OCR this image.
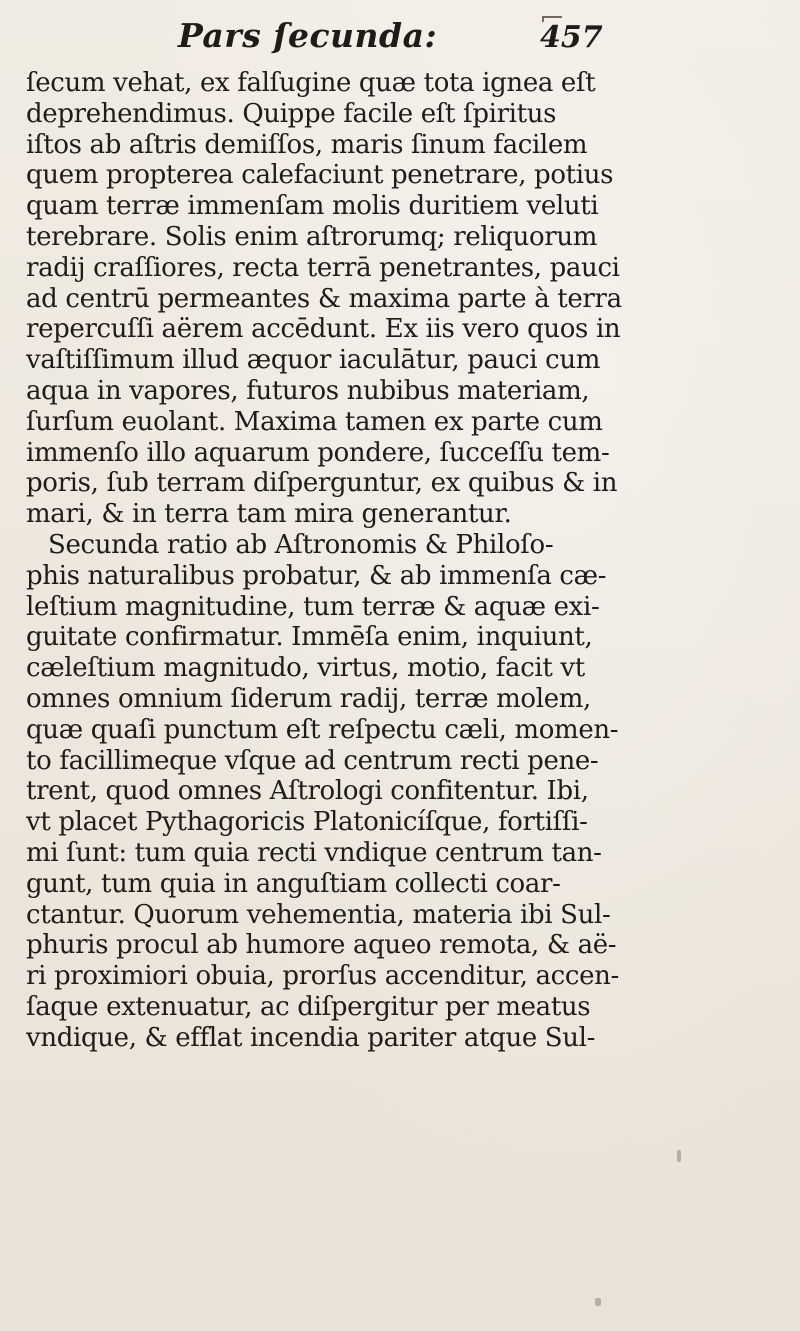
Pars ſecunda:	457
ſecum vehat, ex falſugine quæ tota ignea eſt
deprehendimus. Quippe facile eſt ſpiritus
iſtos ab aſtris demiſſos, maris ſinum facilem
quem propterea calefaciunt penetrare, potius
quam terræ immenſam molis duritiem veluti
terebrare. Solis enim aſtrorumq; reliquorum
radij craſſiores, recta terrā penetrantes, pauci
ad centrū permeantes & maxima parte à terra
repercuſſi aërem accēdunt. Ex iis vero quos in
vaſtiſſimum illud æquor iaculātur, pauci cum
aqua in vapores, futuros nubibus materiam,
ſurſum euolant. Maxima tamen ex parte cum
immenſo illo aquarum pondere, ſucceſſu tem-
poris, ſub terram diſperguntur, ex quibus & in
mari, & in terra tam mira generantur.
Secunda ratio ab Aſtronomis & Philoſo-
phis naturalibus probatur, & ab immenſa cæ-
leſtium magnitudine, tum terræ & aquæ exi-
guitate confirmatur. Immēſa enim, inquiunt,
cæleſtium magnitudo, virtus, motio, facit vt
omnes omnium ſiderum radij, terræ molem,
quæ quaſi punctum eſt reſpectu cæli, momen-
to facillimeque vſque ad centrum recti pene-
trent, quod omnes Aſtrologi confitentur. Ibi,
vt placet Pythagoricis Platonicíſque, fortiſſi-
mi ſunt: tum quia recti vndique centrum tan-
gunt, tum quia in anguſtiam collecti coar-
ctantur. Quorum vehementia, materia ibi Sul-
phuris procul ab humore aqueo remota, & aë-
ri proximiori obuia, prorſus accenditur, accen-
ſaque extenuatur, ac diſpergitur per meatus
vndique, & efflat incendia pariter atque Sul-
